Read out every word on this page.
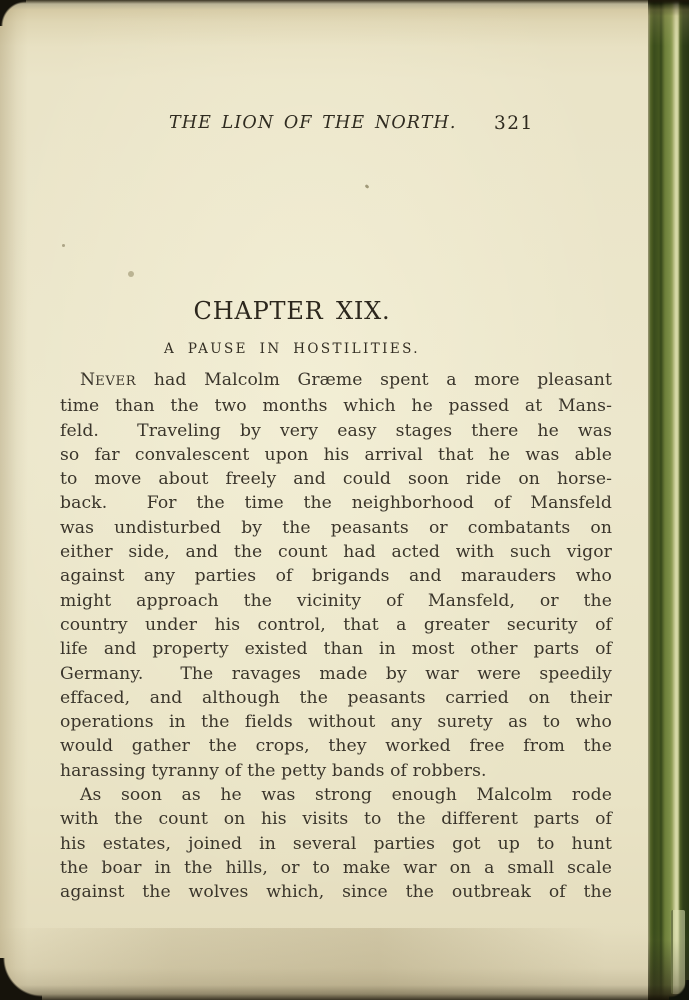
THE LION OF THE NORTH. 321
CHAPTER XIX.
A PAUSE IN HOSTILITIES.
NEVER had Malcolm Græme spent a more pleasant
time than the two months which he passed at Mans-
feld.  Traveling by very easy stages there he was
so far convalescent upon his arrival that he was able
to move about freely and could soon ride on horse-
back.  For the time the neighborhood of Mansfeld
was undisturbed by the peasants or combatants on
either side, and the count had acted with such vigor
against any parties of brigands and marauders who
might approach the vicinity of Mansfeld, or the
country under his control, that a greater security of
life and property existed than in most other parts of
Germany.  The ravages made by war were speedily
effaced, and although the peasants carried on their
operations in the fields without any surety as to who
would gather the crops, they worked free from the
harassing tyranny of the petty bands of robbers.
As soon as he was strong enough Malcolm rode
with the count on his visits to the different parts of
his estates, joined in several parties got up to hunt
the boar in the hills, or to make war on a small scale
against the wolves which, since the outbreak of the
